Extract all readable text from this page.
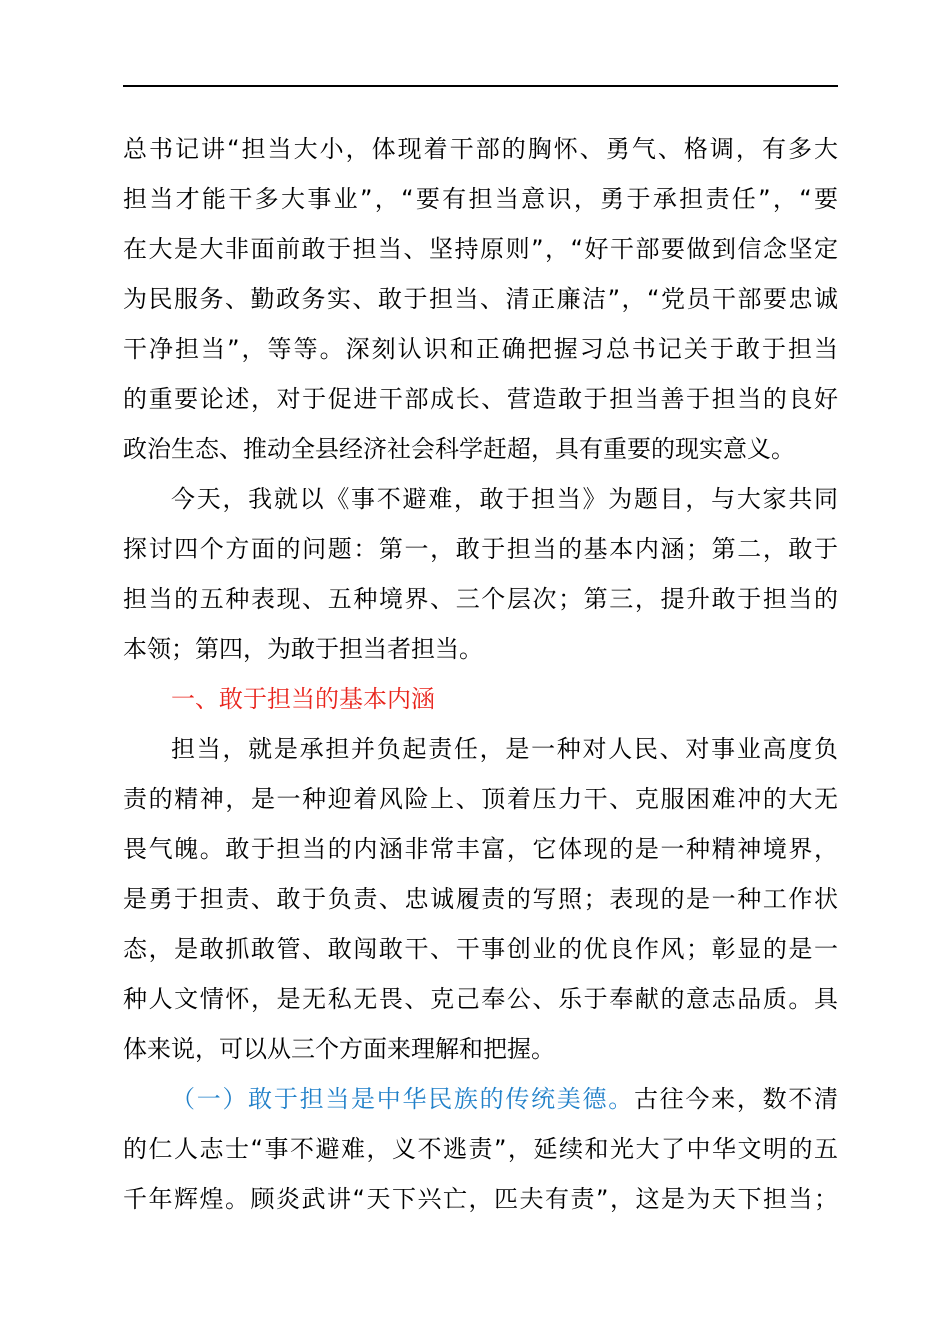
总书记讲“担当大小，体现着干部的胸怀、勇气、格调，有多大
担当才能干多大事业”，“要有担当意识，勇于承担责任”，“要
在大是大非面前敢于担当、坚持原则”，“好干部要做到信念坚定
为民服务、勤政务实、敢于担当、清正廉洁”，“党员干部要忠诚
干净担当”，等等。深刻认识和正确把握习总书记关于敢于担当
的重要论述，对于促进干部成长、营造敢于担当善于担当的良好
政治生态、推动全县经济社会科学赶超，具有重要的现实意义。
今天，我就以《事不避难，敢于担当》为题目，与大家共同
探讨四个方面的问题：第一，敢于担当的基本内涵；第二，敢于
担当的五种表现、五种境界、三个层次；第三，提升敢于担当的
本领；第四，为敢于担当者担当。
一、敢于担当的基本内涵
担当，就是承担并负起责任，是一种对人民、对事业高度负
责的精神，是一种迎着风险上、顶着压力干、克服困难冲的大无
畏气魄。敢于担当的内涵非常丰富，它体现的是一种精神境界，
是勇于担责、敢于负责、忠诚履责的写照；表现的是一种工作状
态，是敢抓敢管、敢闯敢干、干事创业的优良作风；彰显的是一
种人文情怀，是无私无畏、克己奉公、乐于奉献的意志品质。具
体来说，可以从三个方面来理解和把握。
（一）敢于担当是中华民族的传统美德。古往今来，数不清
的仁人志士“事不避难，义不逃责”，延续和光大了中华文明的五
千年辉煌。顾炎武讲“天下兴亡，匹夫有责”，这是为天下担当；
